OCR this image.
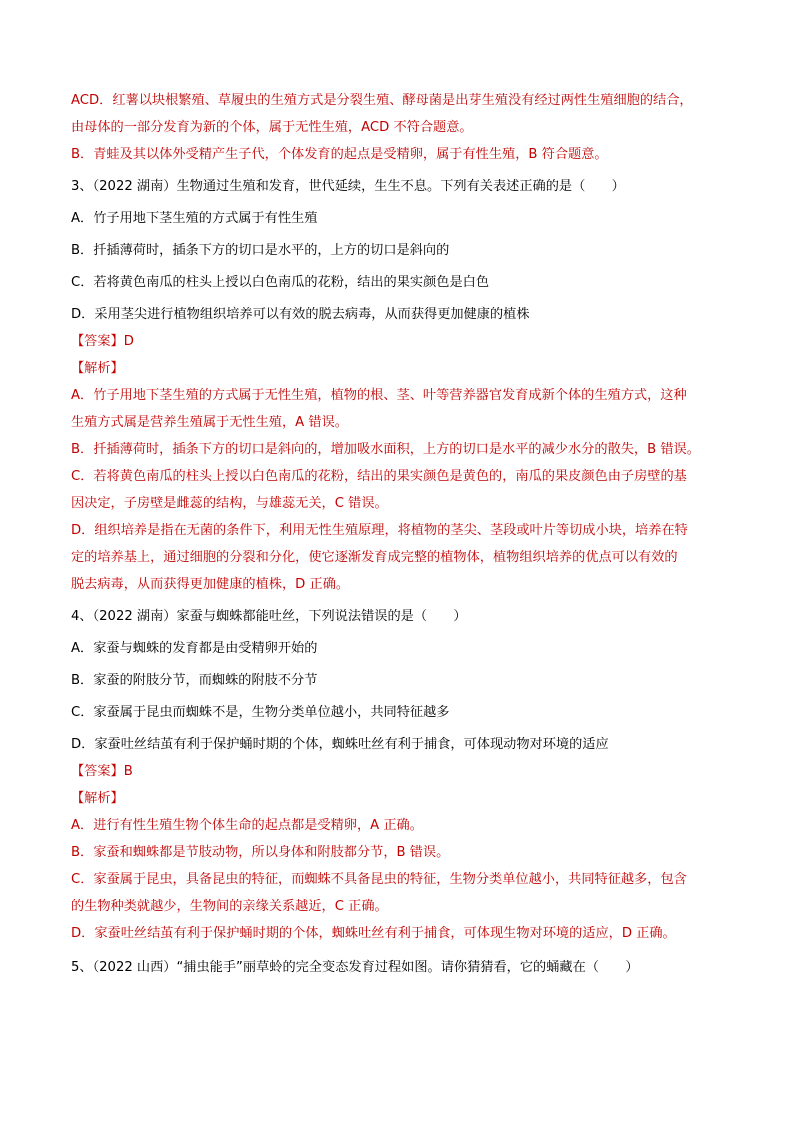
ACD．红薯以块根繁殖、草履虫的生殖方式是分裂生殖、酵母菌是出芽生殖没有经过两性生殖细胞的结合，
由母体的一部分发育为新的个体，属于无性生殖，ACD 不符合题意。
B．青蛙及其以体外受精产生子代，个体发育的起点是受精卵，属于有性生殖，B 符合题意。
3、（2022 湖南）生物通过生殖和发育，世代延续，生生不息。下列有关表述正确的是（　　）
A．竹子用地下茎生殖的方式属于有性生殖
B．扦插薄荷时，插条下方的切口是水平的，上方的切口是斜向的
C．若将黄色南瓜的柱头上授以白色南瓜的花粉，结出的果实颜色是白色
D．采用茎尖进行植物组织培养可以有效的脱去病毒，从而获得更加健康的植株
【答案】D
【解析】
A．竹子用地下茎生殖的方式属于无性生殖，植物的根、茎、叶等营养器官发育成新个体的生殖方式，这种
生殖方式属是营养生殖属于无性生殖，A 错误。
B．扦插薄荷时，插条下方的切口是斜向的，增加吸水面积，上方的切口是水平的减少水分的散失，B 错误。
C．若将黄色南瓜的柱头上授以白色南瓜的花粉，结出的果实颜色是黄色的，南瓜的果皮颜色由子房壁的基
因决定，子房壁是雌蕊的结构，与雄蕊无关，C 错误。
D．组织培养是指在无菌的条件下，利用无性生殖原理，将植物的茎尖、茎段或叶片等切成小块，培养在特
定的培养基上，通过细胞的分裂和分化，使它逐渐发育成完整的植物体，植物组织培养的优点可以有效的
脱去病毒，从而获得更加健康的植株，D 正确。
4、（2022 湖南）家蚕与蜘蛛都能吐丝，下列说法错误的是（　　）
A．家蚕与蜘蛛的发育都是由受精卵开始的
B．家蚕的附肢分节，而蜘蛛的附肢不分节
C．家蚕属于昆虫而蜘蛛不是，生物分类单位越小，共同特征越多
D．家蚕吐丝结茧有利于保护蛹时期的个体，蜘蛛吐丝有利于捕食，可体现动物对环境的适应
【答案】B
【解析】
A．进行有性生殖生物个体生命的起点都是受精卵，A 正确。
B．家蚕和蜘蛛都是节肢动物，所以身体和附肢都分节，B 错误。
C．家蚕属于昆虫，具备昆虫的特征，而蜘蛛不具备昆虫的特征，生物分类单位越小，共同特征越多，包含
的生物种类就越少，生物间的亲缘关系越近，C 正确。
D．家蚕吐丝结茧有利于保护蛹时期的个体，蜘蛛吐丝有利于捕食，可体现生物对环境的适应，D 正确。
5、（2022 山西）“捕虫能手”丽草蛉的完全变态发育过程如图。请你猜猜看，它的蛹藏在（　　）
